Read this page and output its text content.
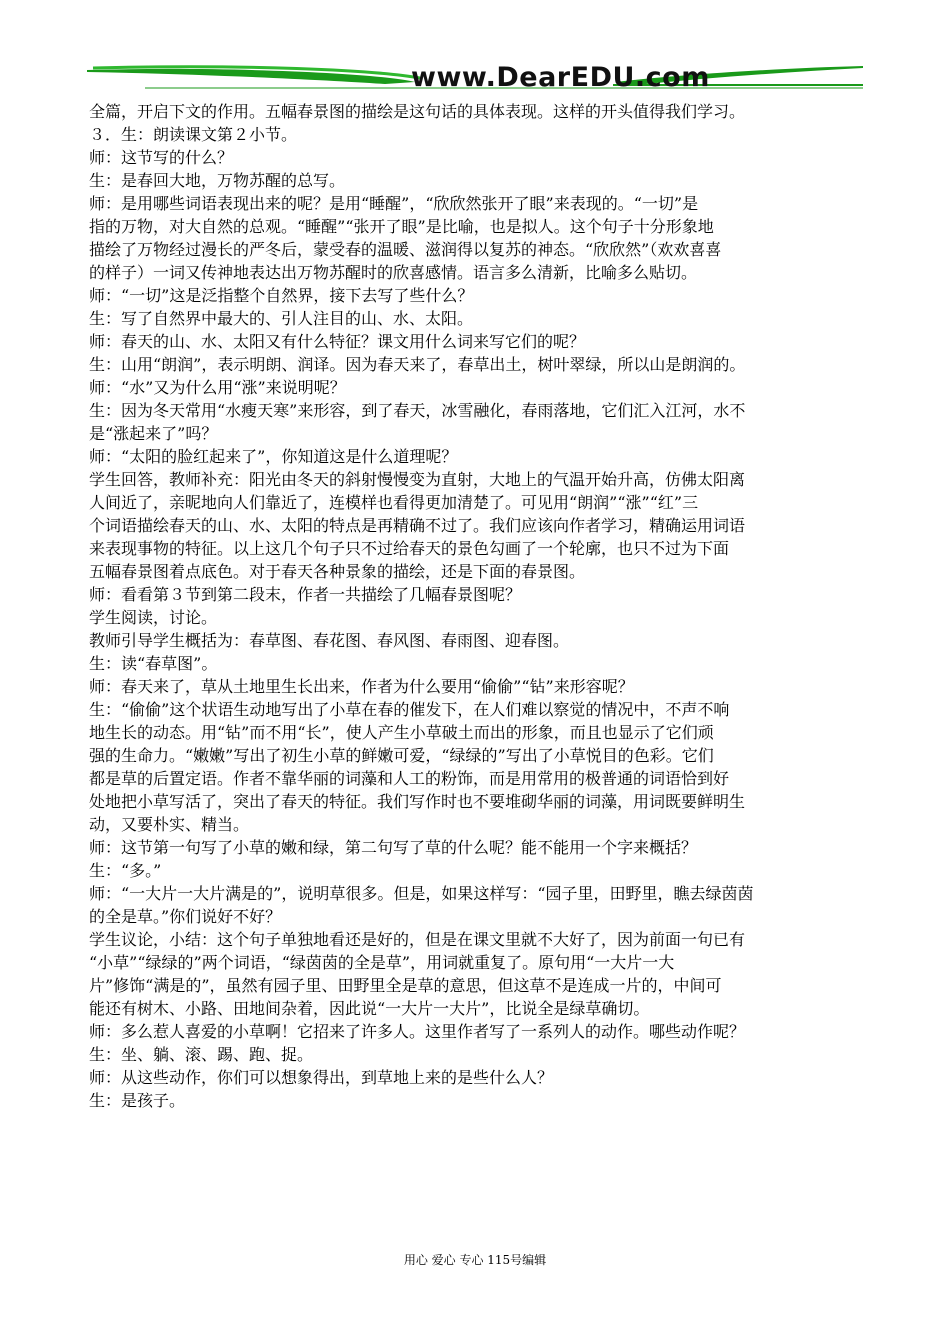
www.DearEDU.com
全篇，开启下文的作用。五幅春景图的描绘是这句话的具体表现。这样的开头值得我们学习。
３．生：朗读课文第２小节。
师：这节写的什么？
生：是春回大地，万物苏醒的总写。
师：是用哪些词语表现出来的呢？是用“睡醒”，“欣欣然张开了眼”来表现的。“一切”是
指的万物，对大自然的总观。“睡醒”“张开了眼”是比喻，也是拟人。这个句子十分形象地
描绘了万物经过漫长的严冬后，蒙受春的温暖、滋润得以复苏的神态。“欣欣然”（欢欢喜喜
的样子）一词又传神地表达出万物苏醒时的欣喜感情。语言多么清新，比喻多么贴切。
师：“一切”这是泛指整个自然界，接下去写了些什么？
生：写了自然界中最大的、引人注目的山、水、太阳。
师：春天的山、水、太阳又有什么特征？课文用什么词来写它们的呢？
生：山用“朗润”，表示明朗、润译。因为春天来了，春草出土，树叶翠绿，所以山是朗润的。
师：“水”又为什么用“涨”来说明呢？
生：因为冬天常用“水瘦天寒”来形容，到了春天，冰雪融化，春雨落地，它们汇入江河，水不
是“涨起来了”吗？
师：“太阳的脸红起来了”，你知道这是什么道理呢？
学生回答，教师补充：阳光由冬天的斜射慢慢变为直射，大地上的气温开始升高，仿佛太阳离
人间近了，亲昵地向人们靠近了，连模样也看得更加清楚了。可见用“朗润”“涨”“红”三
个词语描绘春天的山、水、太阳的特点是再精确不过了。我们应该向作者学习，精确运用词语
来表现事物的特征。以上这几个句子只不过给春天的景色勾画了一个轮廓，也只不过为下面
五幅春景图着点底色。对于春天各种景象的描绘，还是下面的春景图。
师：看看第３节到第二段末，作者一共描绘了几幅春景图呢？
学生阅读，讨论。
教师引导学生概括为：春草图、春花图、春风图、春雨图、迎春图。
生：读“春草图”。
师：春天来了，草从土地里生长出来，作者为什么要用“偷偷”“钻”来形容呢？
生：“偷偷”这个状语生动地写出了小草在春的催发下，在人们难以察觉的情况中，不声不响
地生长的动态。用“钻”而不用“长”，使人产生小草破土而出的形象，而且也显示了它们顽
强的生命力。“嫩嫩”写出了初生小草的鲜嫩可爱，“绿绿的”写出了小草悦目的色彩。它们
都是草的后置定语。作者不靠华丽的词藻和人工的粉饰，而是用常用的极普通的词语恰到好
处地把小草写活了，突出了春天的特征。我们写作时也不要堆砌华丽的词藻，用词既要鲜明生
动，又要朴实、精当。
师：这节第一句写了小草的嫩和绿，第二句写了草的什么呢？能不能用一个字来概括？
生：“多。”
师：“一大片一大片满是的”，说明草很多。但是，如果这样写：“园子里，田野里，瞧去绿茵茵
的全是草。”你们说好不好？
学生议论，小结：这个句子单独地看还是好的，但是在课文里就不大好了，因为前面一句已有
“小草”“绿绿的”两个词语，“绿茵茵的全是草”，用词就重复了。原句用“一大片一大
片”修饰“满是的”，虽然有园子里、田野里全是草的意思，但这草不是连成一片的，中间可
能还有树木、小路、田地间杂着，因此说“一大片一大片”，比说全是绿草确切。
师：多么惹人喜爱的小草啊！它招来了许多人。这里作者写了一系列人的动作。哪些动作呢？
生：坐、躺、滚、踢、跑、捉。
师：从这些动作，你们可以想象得出，到草地上来的是些什么人？
生：是孩子。
用心 爱心 专心 115号编辑
